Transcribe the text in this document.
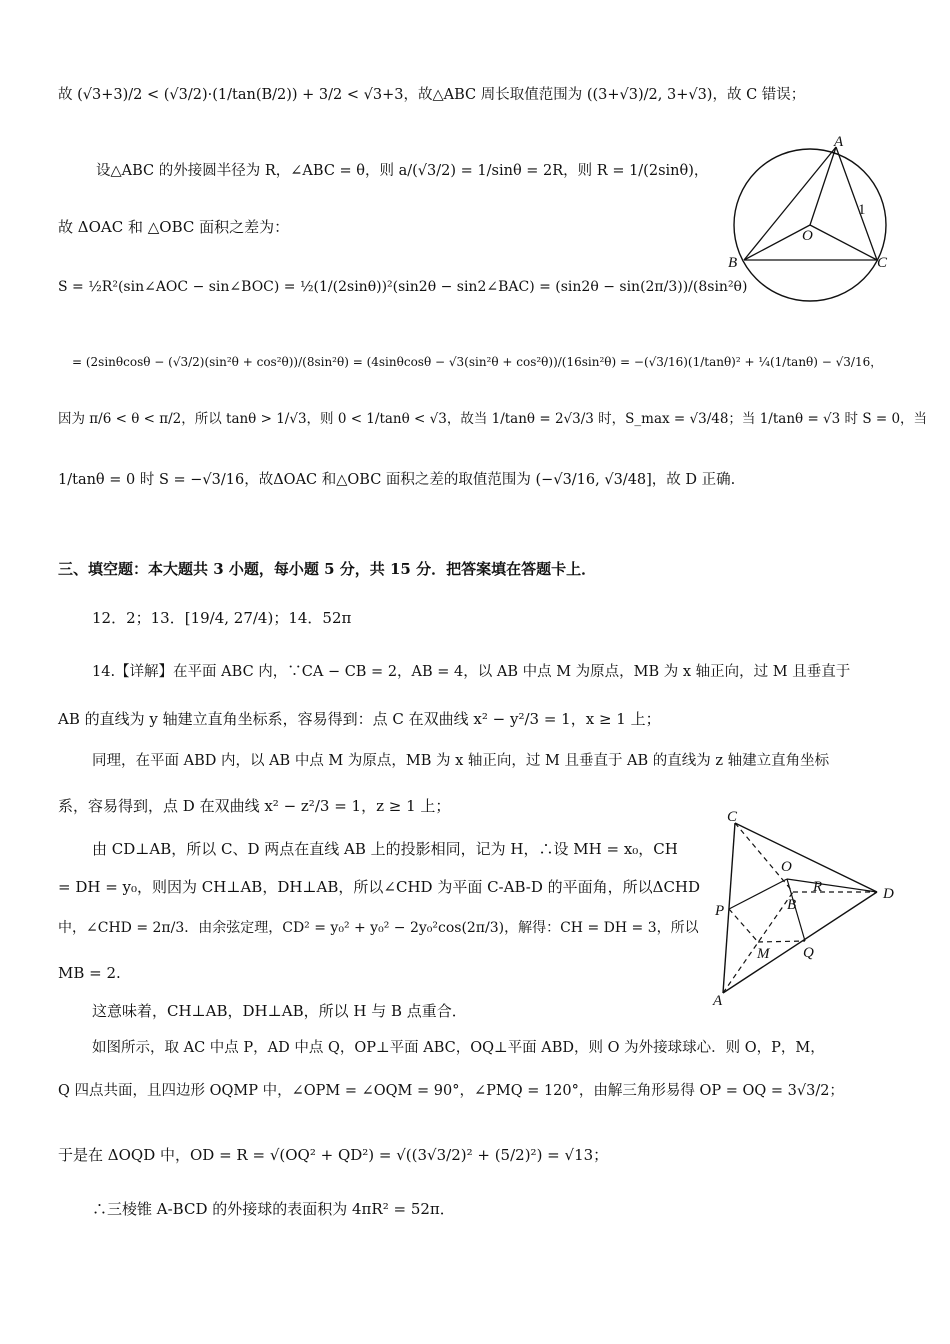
故 (√3+3)/2 < (√3/2)·(1/tan(B/2)) + 3/2 < √3+3，故△ABC 周长取值范围为 ((3+√3)/2, 3+√3)，故 C 错误；
设△ABC 的外接圆半径为 R，∠ABC = θ，则 a/(√3/2) = 1/sinθ = 2R，则 R = 1/(2sinθ)，
故 ΔOAC 和 △OBC 面积之差为：
S = ½R²(sin∠AOC − sin∠BOC) = ½(1/(2sinθ))²(sin2θ − sin2∠BAC) = (sin2θ − sin(2π/3))/(8sin²θ)
= (2sinθcosθ − (√3/2)(sin²θ + cos²θ))/(8sin²θ) = (4sinθcosθ − √3(sin²θ + cos²θ))/(16sin²θ) = −(√3/16)(1/tanθ)² + ¼(1/tanθ) − √3/16，
因为 π/6 < θ < π/2，所以 tanθ > 1/√3，则 0 < 1/tanθ < √3，故当 1/tanθ = 2√3/3 时，S_max = √3/48；当 1/tanθ = √3 时 S = 0，当
1/tanθ = 0 时 S = −√3/16，故ΔOAC 和△OBC 面积之差的取值范围为 (−√3/16, √3/48]，故 D 正确.
三、填空题：本大题共 3 小题，每小题 5 分，共 15 分．把答案填在答题卡上．
12．2；13．[19/4, 27/4)；14．52π
14.【详解】在平面 ABC 内，∵CA − CB = 2，AB = 4，以 AB 中点 M 为原点，MB 为 x 轴正向，过 M 且垂直于
AB 的直线为 y 轴建立直角坐标系，容易得到：点 C 在双曲线 x² − y²/3 = 1，x ≥ 1 上；
同理，在平面 ABD 内，以 AB 中点 M 为原点，MB 为 x 轴正向，过 M 且垂直于 AB 的直线为 z 轴建立直角坐标
系，容易得到，点 D 在双曲线 x² − z²/3 = 1，z ≥ 1 上；
由 CD⊥AB，所以 C、D 两点在直线 AB 上的投影相同，记为 H，∴设 MH = x₀，CH
= DH = y₀，则因为 CH⊥AB，DH⊥AB，所以∠CHD 为平面 C-AB-D 的平面角，所以ΔCHD
中，∠CHD = 2π/3．由余弦定理，CD² = y₀² + y₀² − 2y₀²cos(2π/3)，解得：CH = DH = 3，所以
MB = 2.
这意味着，CH⊥AB，DH⊥AB，所以 H 与 B 点重合．
如图所示，取 AC 中点 P，AD 中点 Q，OP⊥平面 ABC，OQ⊥平面 ABD，则 O 为外接球球心．则 O，P，M，
Q 四点共面，且四边形 OQMP 中，∠OPM = ∠OQM = 90°，∠PMQ = 120°，由解三角形易得 OP = OQ = 3√3/2；
于是在 ΔOQD 中，OD = R = √(OQ² + QD²) = √((3√3/2)² + (5/2)²) = √13；
∴三棱锥 A-BCD 的外接球的表面积为 4πR² = 52π．
A
B	C
O
1
C
O
R
B
D
P
M Q
A
